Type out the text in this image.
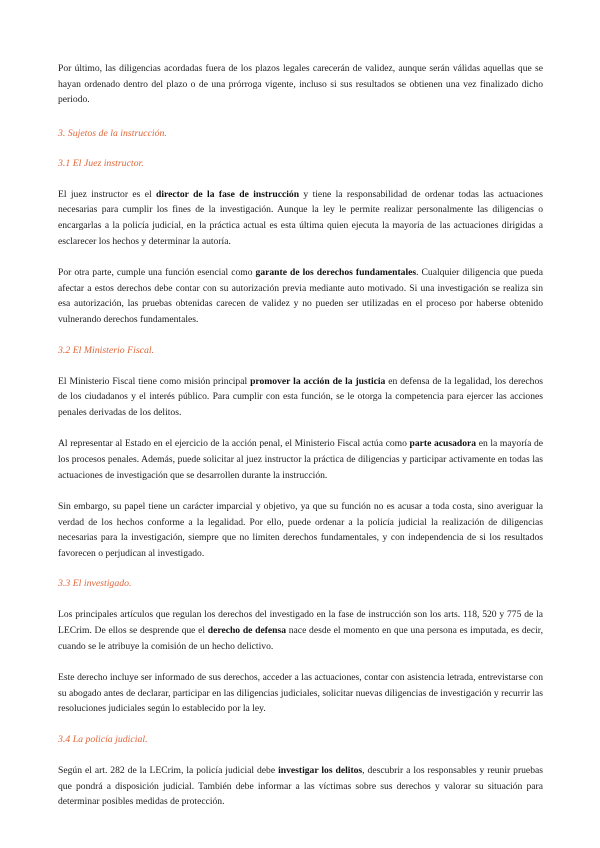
Por último, las diligencias acordadas fuera de los plazos legales carecerán de validez, aunque serán válidas aquellas que se hayan ordenado dentro del plazo o de una prórroga vigente, incluso si sus resultados se obtienen una vez finalizado dicho periodo.

3. Sujetos de la instrucción.
3.1 El Juez instructor.

El juez instructor es el director de la fase de instrucción y tiene la responsabilidad de ordenar todas las actuaciones necesarias para cumplir los fines de la investigación. Aunque la ley le permite realizar personalmente las diligencias o encargarlas a la policía judicial, en la práctica actual es esta última quien ejecuta la mayoría de las actuaciones dirigidas a esclarecer los hechos y determinar la autoría.

Por otra parte, cumple una función esencial como garante de los derechos fundamentales. Cualquier diligencia que pueda afectar a estos derechos debe contar con su autorización previa mediante auto motivado. Si una investigación se realiza sin esa autorización, las pruebas obtenidas carecen de validez y no pueden ser utilizadas en el proceso por haberse obtenido vulnerando derechos fundamentales.

3.2 El Ministerio Fiscal.

El Ministerio Fiscal tiene como misión principal promover la acción de la justicia en defensa de la legalidad, los derechos de los ciudadanos y el interés público. Para cumplir con esta función, se le otorga la competencia para ejercer las acciones penales derivadas de los delitos.

Al representar al Estado en el ejercicio de la acción penal, el Ministerio Fiscal actúa como parte acusadora en la mayoría de los procesos penales. Además, puede solicitar al juez instructor la práctica de diligencias y participar activamente en todas las actuaciones de investigación que se desarrollen durante la instrucción.

Sin embargo, su papel tiene un carácter imparcial y objetivo, ya que su función no es acusar a toda costa, sino averiguar la verdad de los hechos conforme a la legalidad. Por ello, puede ordenar a la policía judicial la realización de diligencias necesarias para la investigación, siempre que no limiten derechos fundamentales, y con independencia de si los resultados favorecen o perjudican al investigado.

3.3 El investigado.

Los principales artículos que regulan los derechos del investigado en la fase de instrucción son los arts. 118, 520 y 775 de la LECrim. De ellos se desprende que el derecho de defensa nace desde el momento en que una persona es imputada, es decir, cuando se le atribuye la comisión de un hecho delictivo.

Este derecho incluye ser informado de sus derechos, acceder a las actuaciones, contar con asistencia letrada, entrevistarse con su abogado antes de declarar, participar en las diligencias judiciales, solicitar nuevas diligencias de investigación y recurrir las resoluciones judiciales según lo establecido por la ley.

3.4 La policía judicial.

Según el art. 282 de la LECrim, la policía judicial debe investigar los delitos, descubrir a los responsables y reunir pruebas que pondrá a disposición judicial. También debe informar a las víctimas sobre sus derechos y valorar su situación para determinar posibles medidas de protección.
